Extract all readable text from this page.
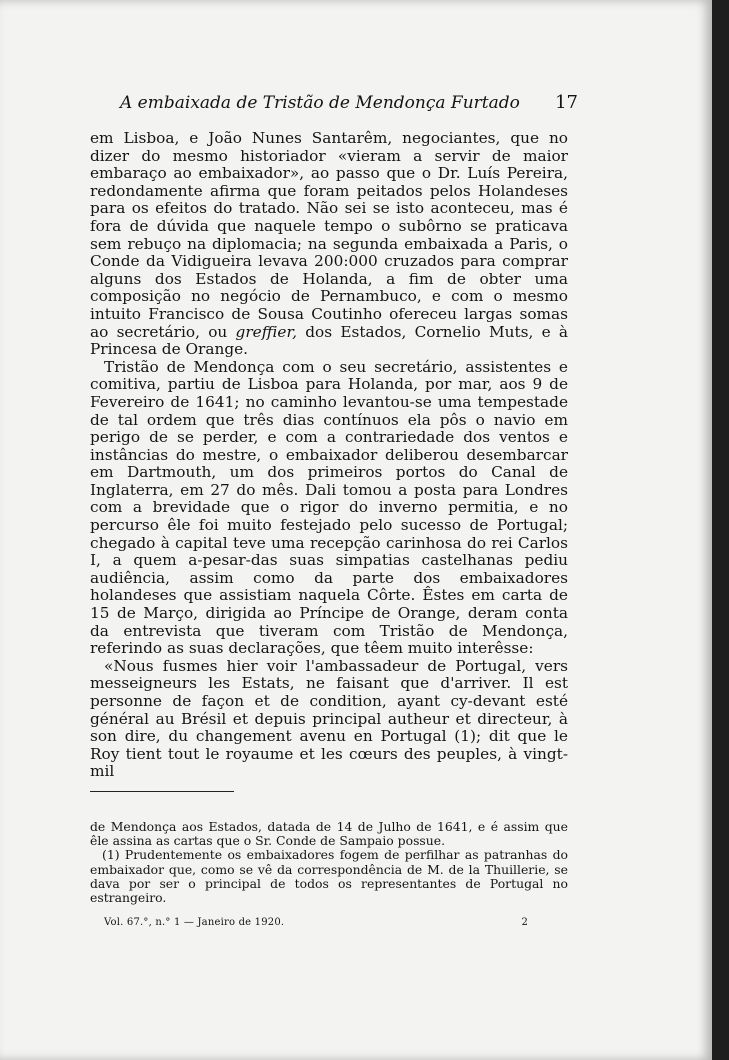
A embaixada de Tristão de Mendonça Furtado 17

em Lisboa, e João Nunes Santarêm, negociantes, que no dizer do mesmo historiador «vieram a servir de maior embaraço ao embaixador», ao passo que o Dr. Luís Pereira, redondamente afirma que foram peitados pelos Holandeses para os efeitos do tratado. Não sei se isto aconteceu, mas é fora de dúvida que naquele tempo o subôrno se praticava sem rebuço na diplomacia; na segunda embaixada a Paris, o Conde da Vidigueira levava 200:000 cruzados para comprar alguns dos Estados de Holanda, a fim de obter uma composição no negócio de Pernambuco, e com o mesmo intuito Francisco de Sousa Coutinho ofereceu largas somas ao secretário, ou greffier, dos Estados, Cornelio Muts, e à Princesa de Orange.

Tristão de Mendonça com o seu secretário, assistentes e comitiva, partiu de Lisboa para Holanda, por mar, aos 9 de Fevereiro de 1641; no caminho levantou-se uma tempestade de tal ordem que três dias contínuos ela pôs o navio em perigo de se perder, e com a contrariedade dos ventos e instâncias do mestre, o embaixador deliberou desembarcar em Dartmouth, um dos primeiros portos do Canal de Inglaterra, em 27 do mês. Dali tomou a posta para Londres com a brevidade que o rigor do inverno permitia, e no percurso êle foi muito festejado pelo sucesso de Portugal; chegado à capital teve uma recepção carinhosa do rei Carlos I, a quem a-pesar-das suas simpatias castelhanas pediu audiência, assim como da parte dos embaixadores holandeses que assistiam naquela Côrte. Êstes em carta de 15 de Março, dirigida ao Príncipe de Orange, deram conta da entrevista que tiveram com Tristão de Mendonça, referindo as suas declarações, que têem muito interêsse:

«Nous fusmes hier voir l'ambassadeur de Portugal, vers messeigneurs les Estats, ne faisant que d'arriver. Il est personne de façon et de condition, ayant cy-devant esté général au Brésil et depuis principal autheur et directeur, à son dire, du changement avenu en Portugal (1); dit que le Roy tient tout le royaume et les cœurs des peuples, à vingt-mil

de Mendonça aos Estados, datada de 14 de Julho de 1641, e é assim que êle assina as cartas que o Sr. Conde de Sampaio possue.

(1) Prudentemente os embaixadores fogem de perfilhar as patranhas do embaixador que, como se vê da correspondência de M. de la Thuillerie, se dava por ser o principal de todos os representantes de Portugal no estrangeiro.

Vol. 67.°, n.° 1 — Janeiro de 1920.	2
